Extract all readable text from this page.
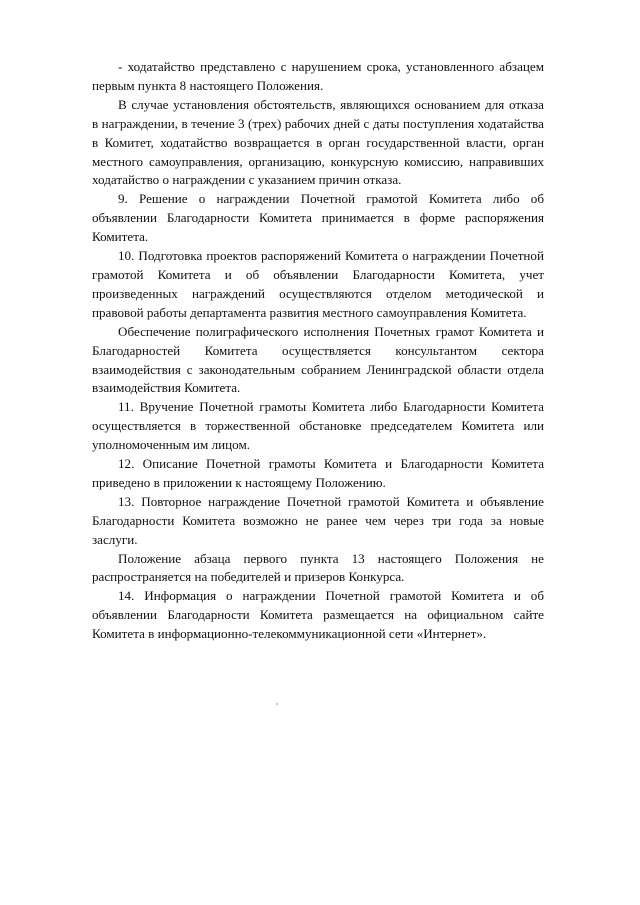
- ходатайство представлено с нарушением срока, установленного абзацем первым пункта 8 настоящего Положения.

В случае установления обстоятельств, являющихся основанием для отказа в награждении, в течение 3 (трех) рабочих дней с даты поступления ходатайства в Комитет, ходатайство возвращается в орган государственной власти, орган местного самоуправления, организацию, конкурсную комиссию, направивших ходатайство о награждении с указанием причин отказа.

9. Решение о награждении Почетной грамотой Комитета либо об объявлении Благодарности Комитета принимается в форме распоряжения Комитета.

10. Подготовка проектов распоряжений Комитета о награждении Почетной грамотой Комитета и об объявлении Благодарности Комитета, учет произведенных награждений осуществляются отделом методической и правовой работы департамента развития местного самоуправления Комитета.

Обеспечение полиграфического исполнения Почетных грамот Комитета и Благодарностей Комитета осуществляется консультантом сектора взаимодействия с законодательным собранием Ленинградской области отдела взаимодействия Комитета.

11. Вручение Почетной грамоты Комитета либо Благодарности Комитета осуществляется в торжественной обстановке председателем Комитета или уполномоченным им лицом.

12. Описание Почетной грамоты Комитета и Благодарности Комитета приведено в приложении к настоящему Положению.

13. Повторное награждение Почетной грамотой Комитета и объявление Благодарности Комитета возможно не ранее чем через три года за новые заслуги.

Положение абзаца первого пункта 13 настоящего Положения не распространяется на победителей и призеров Конкурса.

14. Информация о награждении Почетной грамотой Комитета и об объявлении Благодарности Комитета размещается на официальном сайте Комитета в информационно-телекоммуникационной сети «Интернет».
